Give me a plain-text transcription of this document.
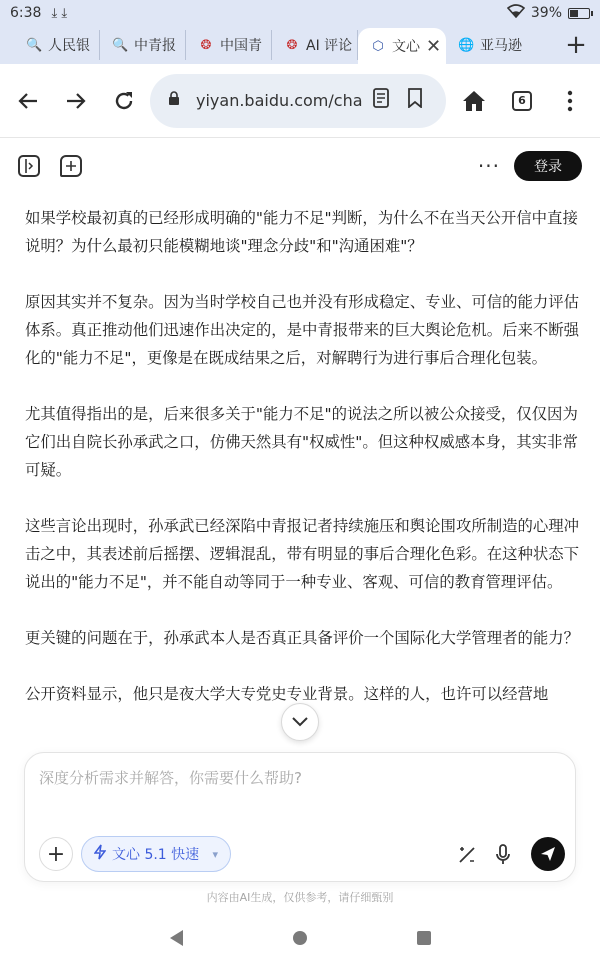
6:38 ⤓ ⤓	39%
🔍 人民银 🔍 中青报 ❂ 中国青 ❂ AI 评论 ⬡ 文心 ✕ 🌐 亚马逊	+
yiyan.baidu.com/cha	6
···	登录

如果学校最初真的已经形成明确的"能力不足"判断，为什么不在当天公开信中直接说明？为什么最初只能模糊地谈"理念分歧"和"沟通困难"？

原因其实并不复杂。因为当时学校自己也并没有形成稳定、专业、可信的能力评估体系。真正推动他们迅速作出决定的，是中青报带来的巨大舆论危机。后来不断强化的"能力不足"，更像是在既成结果之后，对解聘行为进行事后合理化包装。

尤其值得指出的是，后来很多关于"能力不足"的说法之所以被公众接受，仅仅因为它们出自院长孙承武之口，仿佛天然具有"权威性"。但这种权威感本身，其实非常可疑。

这些言论出现时，孙承武已经深陷中青报记者持续施压和舆论围攻所制造的心理冲击之中，其表述前后摇摆、逻辑混乱，带有明显的事后合理化色彩。在这种状态下说出的"能力不足"，并不能自动等同于一种专业、客观、可信的教育管理评估。

更关键的问题在于，孙承武本人是否真正具备评价一个国际化大学管理者的能力？

公开资料显示，他只是夜大学大专党史专业背景。这样的人，也许可以经营地

深度分析需求并解答，你需要什么帮助?
+	文心 5.1 快速 ▾
内容由AI生成，仅供参考，请仔细甄别
